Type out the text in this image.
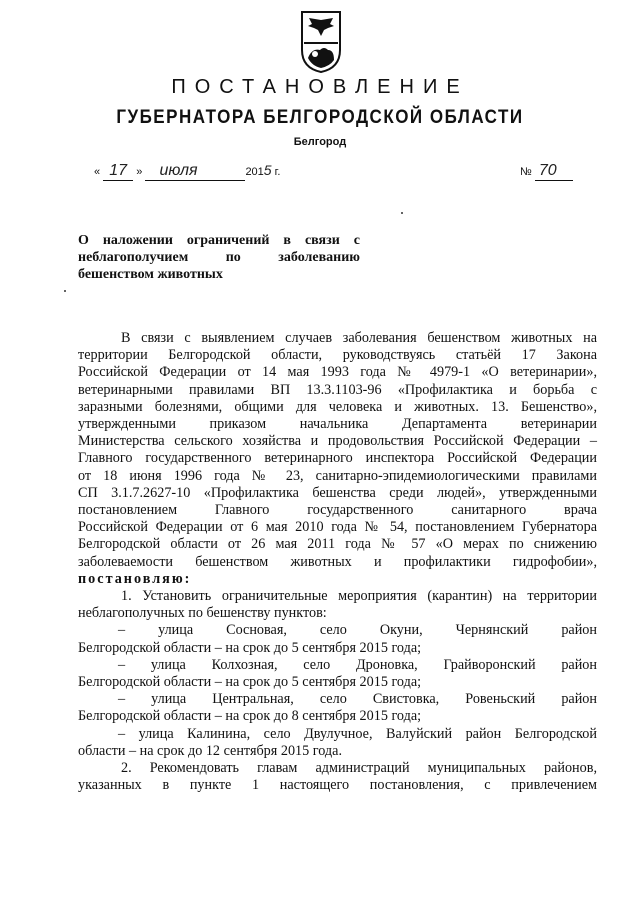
ПОСТАНОВЛЕНИЕ
ГУБЕРНАТОРА БЕЛГОРОДСКОЙ ОБЛАСТИ
Белгород
« 17 » июля	2015 г.	№ 70
О наложении ограничений в связи с
неблагополучием по заболеванию
бешенством животных
В связи с выявлением случаев заболевания бешенством животных на
территории Белгородской области, руководствуясь статьёй 17 Закона
Российской Федерации от 14 мая 1993 года № 4979-1 «О ветеринарии»,
ветеринарными правилами ВП 13.3.1103-96 «Профилактика и борьба с
заразными болезнями, общими для человека и животных. 13. Бешенство»,
утвержденными приказом начальника Департамента ветеринарии
Министерства сельского хозяйства и продовольствия Российской Федерации –
Главного государственного ветеринарного инспектора Российской Федерации
от 18 июня 1996 года № 23, санитарно-эпидемиологическими правилами
СП 3.1.7.2627-10 «Профилактика бешенства среди людей», утвержденными
постановлением Главного государственного санитарного врача
Российской Федерации от 6 мая 2010 года № 54, постановлением Губернатора
Белгородской области от 26 мая 2011 года № 57 «О мерах по снижению
заболеваемости бешенством животных и профилактики гидрофобии»,
постановляю:
1. Установить ограничительные мероприятия (карантин) на территории
неблагополучных по бешенству пунктов:
– улица Сосновая, село Окуни, Чернянский район
Белгородской области – на срок до 5 сентября 2015 года;
– улица Колхозная, село Дроновка, Грайворонский район
Белгородской области – на срок до 5 сентября 2015 года;
– улица Центральная, село Свистовка, Ровеньский район
Белгородской области – на срок до 8 сентября 2015 года;
– улица Калинина, село Двулучное, Валуйский район Белгородской
области – на срок до 12 сентября 2015 года.
2. Рекомендовать главам администраций муниципальных районов,
указанных в пункте 1 настоящего постановления, с привлечением
